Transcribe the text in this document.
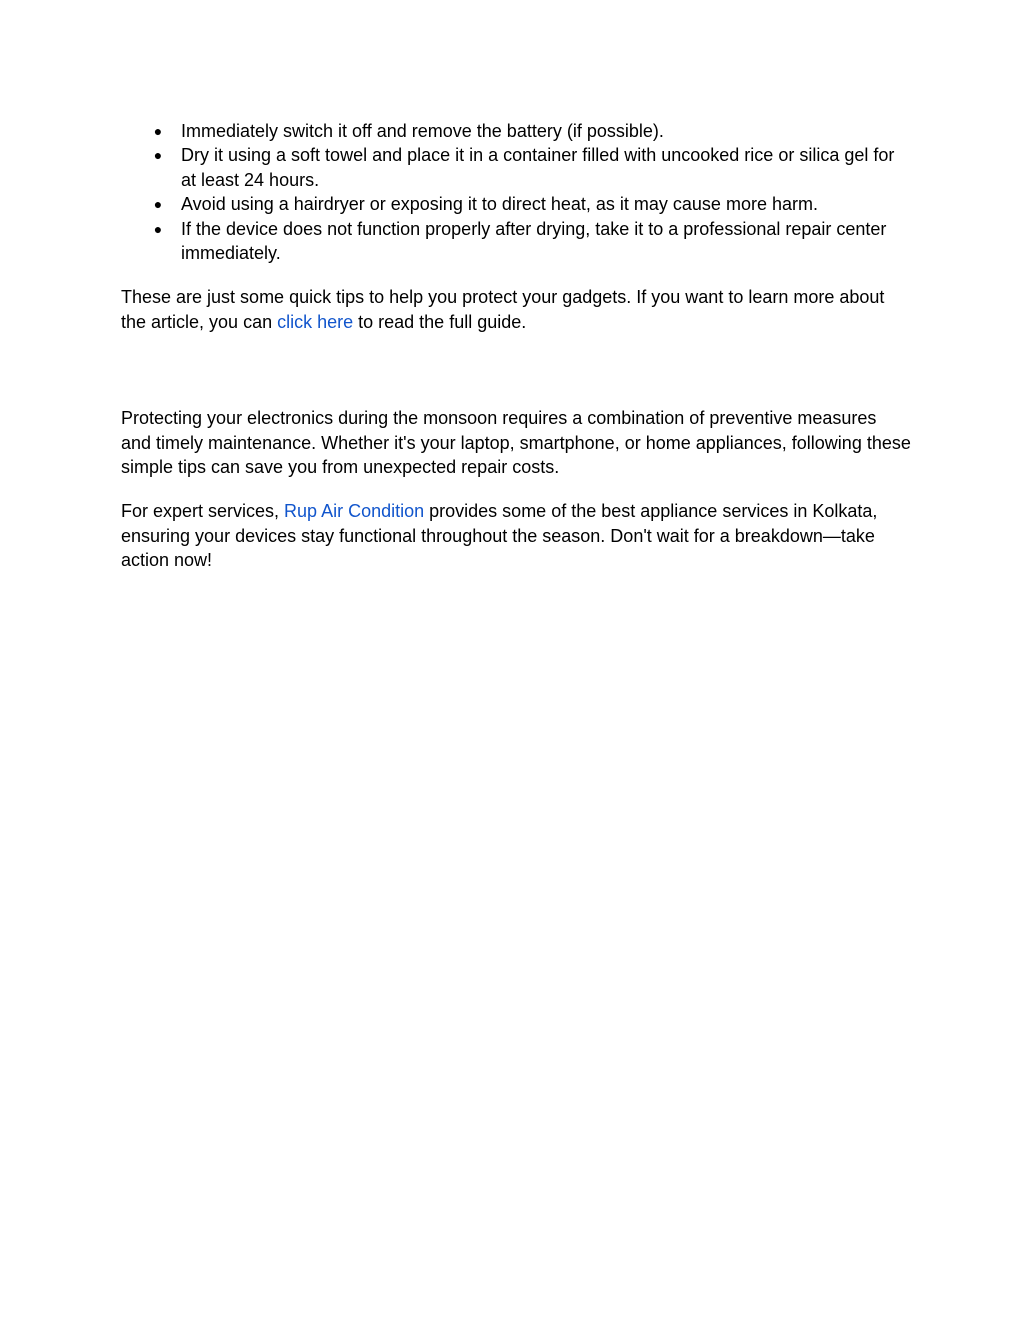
● Immediately switch it off and remove the battery (if possible).
● Dry it using a soft towel and place it in a container filled with uncooked rice or silica gel for at least 24 hours.
● Avoid using a hairdryer or exposing it to direct heat, as it may cause more harm.
● If the device does not function properly after drying, take it to a professional repair center immediately.

These are just some quick tips to help you protect your gadgets. If you want to learn more about the article, you can click here to read the full guide.

Protecting your electronics during the monsoon requires a combination of preventive measures and timely maintenance. Whether it's your laptop, smartphone, or home appliances, following these simple tips can save you from unexpected repair costs.

For expert services, Rup Air Condition provides some of the best appliance services in Kolkata, ensuring your devices stay functional throughout the season. Don't wait for a breakdown—take action now!
